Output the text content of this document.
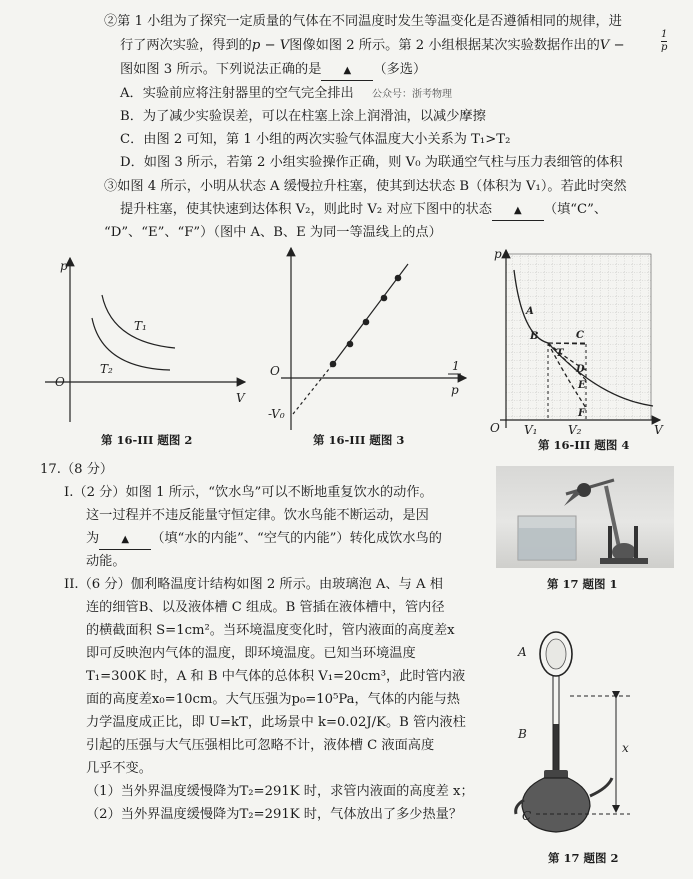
②第 1 小组为了探究一定质量的气体在不同温度时发生等温变化是否遵循相同的规律，进
行了两次实验，得到的p − V图像如图 2 所示。第 2 小组根据某次实验数据作出的V −
1
p
图如图 3 所示。下列说法正确的是 ▲ （多选）
A．实验前应将注射器里的空气完全排出 公众号：浙考物理
B．为了减少实验误差，可以在柱塞上涂上润滑油，以减少摩擦
C．由图 2 可知，第 1 小组的两次实验气体温度大小关系为 T₁>T₂
D．如图 3 所示，若第 2 小组实验操作正确，则 V₀ 为联通空气柱与压力表细管的体积
③如图 4 所示，小明从状态 A 缓慢拉升柱塞，使其到达状态 B（体积为 V₁）。若此时突然
提升柱塞，使其快速到达体积 V₂，则此时 V₂ 对应下图中的状态 ▲ （填“C”、
“D”、“E”、“F”）（图中 A、B、E 为同一等温线上的点）
p
V
O
T₁
T₂
第 16-III 题图 2
O
-V₀
1
p
第 16-III 题图 3
p
V
O V₁	V₂
A
B	C
T
D
E
F
第 16-III 题图 4
17.（8 分）
I.（2 分）如图 1 所示，“饮水鸟”可以不断地重复饮水的动作。
这一过程并不违反能量守恒定律。饮水鸟能不断运动，是因
为 ▲ （填“水的内能”、“空气的内能”）转化成饮水鸟的
动能。
II.（6 分）伽利略温度计结构如图 2 所示。由玻璃泡 A、与 A 相
连的细管B、以及液体槽 C 组成。B 管插在液体槽中，管内径
的横截面积 S=1cm²。当环境温度变化时，管内液面的高度差x
即可反映泡内气体的温度，即环境温度。已知当环境温度
T₁=300K 时，A 和 B 中气体的总体积 V₁=20cm³，此时管内液
面的高度差x₀=10cm。大气压强为p₀=10⁵Pa，气体的内能与热
力学温度成正比，即 U=kT，此场景中 k=0.02J/K。B 管内液柱
引起的压强与大气压强相比可忽略不计，液体槽 C 液面高度
几乎不变。
（1）当外界温度缓慢降为T₂=291K 时，求管内液面的高度差 x；
（2）当外界温度缓慢降为T₂=291K 时，气体放出了多少热量？
第 17 题图 1
A
B
C
x
第 17 题图 2
